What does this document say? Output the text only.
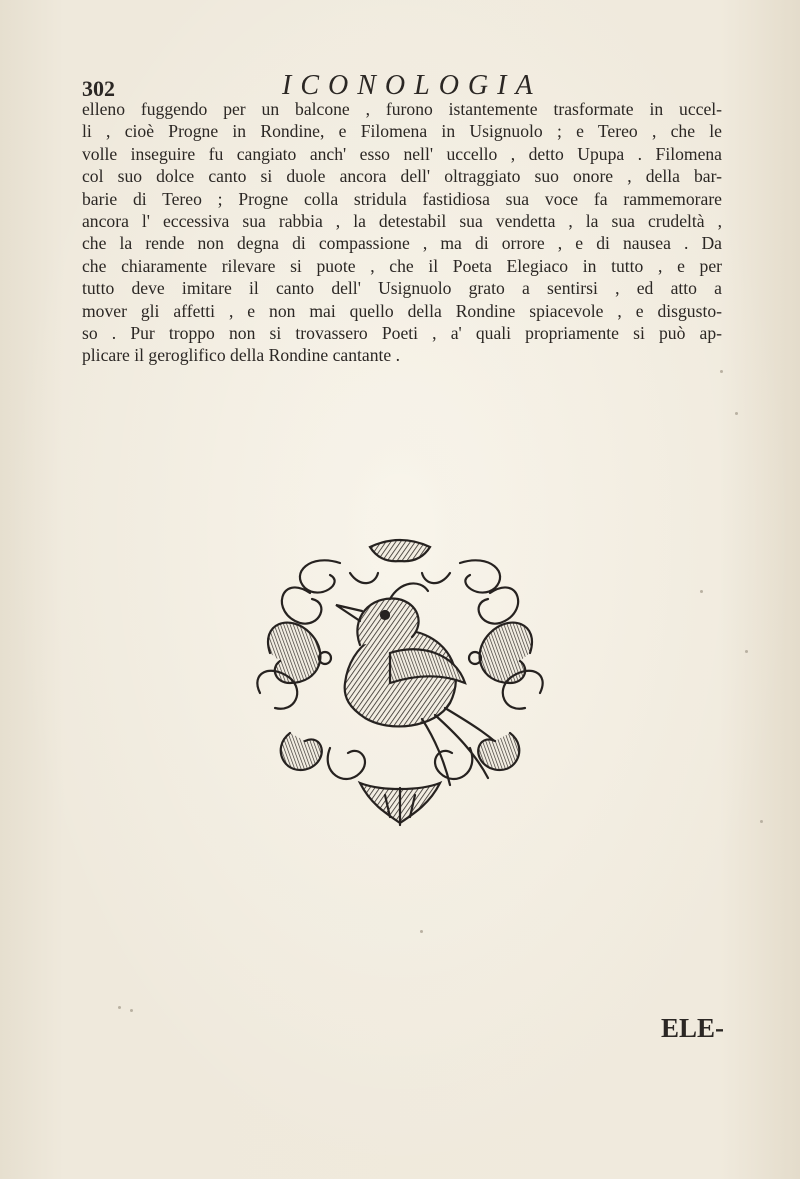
302	ICONOLOGIA
elleno fuggendo per un balcone , furono istantemente trasformate in uccel-
li , cioè Progne in Rondine, e Filomena in Usignuolo ; e Tereo , che le
volle inseguire fu cangiato anch' esso nell' uccello , detto Upupa . Filomena
col suo dolce canto si duole ancora dell' oltraggiato suo onore , della bar-
barie di Tereo ; Progne colla stridula fastidiosa sua voce fa rammemorare
ancora l' eccessiva sua rabbia , la detestabil sua vendetta , la sua crudeltà ,
che la rende non degna di compassione , ma di orrore , e di nausea . Da
che chiaramente rilevare si puote , che il Poeta Elegiaco in tutto , e per
tutto deve imitare il canto dell' Usignuolo grato a sentirsi , ed atto a
mover gli affetti , e non mai quello della Rondine spiacevole , e disgusto-
so . Pur troppo non si trovassero Poeti , a' quali propriamente si può ap-
plicare il geroglifico della Rondine cantante .
ELE-
